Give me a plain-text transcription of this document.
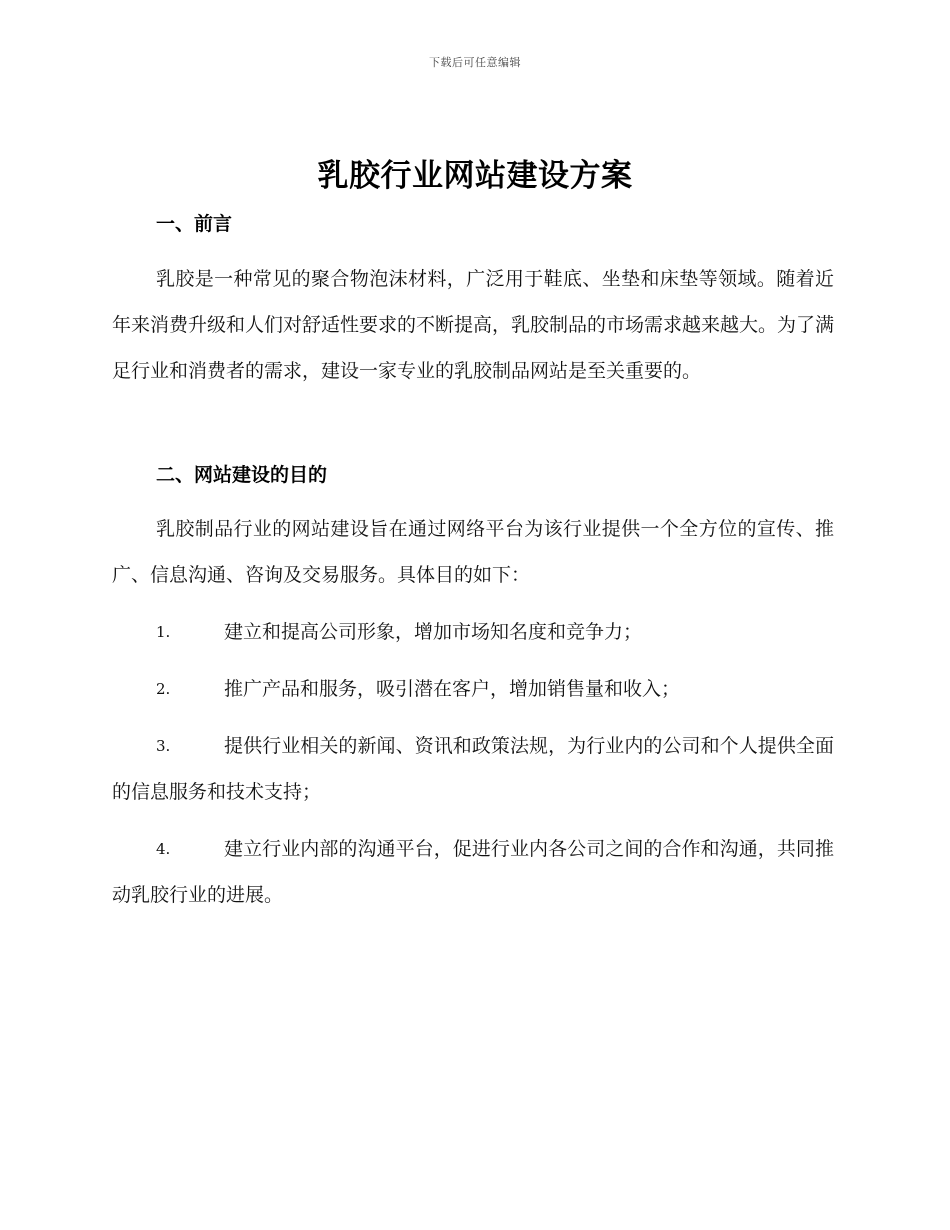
下载后可任意编辑
乳胶行业网站建设方案
一、前言

乳胶是一种常见的聚合物泡沫材料，广泛用于鞋底、坐垫和床垫等领域。随着近年来消费升级和人们对舒适性要求的不断提高，乳胶制品的市场需求越来越大。为了满足行业和消费者的需求，建设一家专业的乳胶制品网站是至关重要的。

二、网站建设的目的

乳胶制品行业的网站建设旨在通过网络平台为该行业提供一个全方位的宣传、推广、信息沟通、咨询及交易服务。具体目的如下：

1.	建立和提高公司形象，增加市场知名度和竞争力；
2.	推广产品和服务，吸引潜在客户，增加销售量和收入；
3.	提供行业相关的新闻、资讯和政策法规，为行业内的公司和个人提供全面的信息服务和技术支持；
4.	建立行业内部的沟通平台，促进行业内各公司之间的合作和沟通，共同推动乳胶行业的进展。
